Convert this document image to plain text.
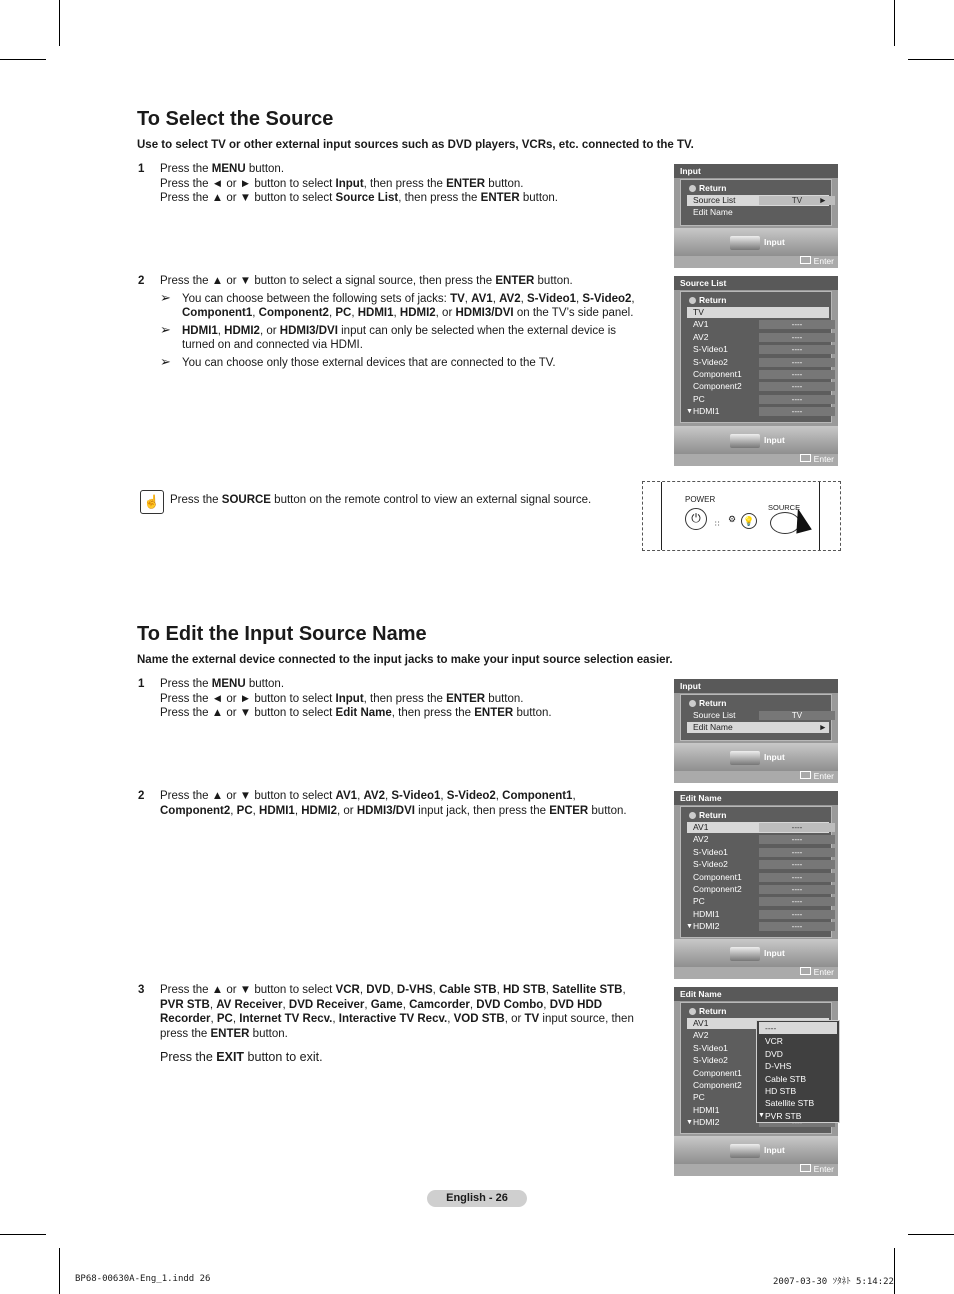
To Select the Source
Use to select TV or other external input sources such as DVD players, VCRs, etc. connected to the TV.
1 Press the MENU button.
Press the ◄ or ► button to select Input, then press the ENTER button.
Press the ▲ or ▼ button to select Source List, then press the ENTER button.
2 Press the ▲ or ▼ button to select a signal source, then press the ENTER button.
➢ You can choose between the following sets of jacks: TV, AV1, AV2, S-Video1, S-Video2, Component1, Component2, PC, HDMI1, HDMI2, or HDMI3/DVI on the TV’s side panel.
➢ HDMI1, HDMI2, or HDMI3/DVI input can only be selected when the external device is turned on and connected via HDMI.
➢ You can choose only those external devices that are connected to the TV.
☝ Press the SOURCE button on the remote control to view an external signal source.	POWER
⏻	∷
⚙ 💡
SOURCE
To Edit the Input Source Name
Name the external device connected to the input jacks to make your input source selection easier.
1 Press the MENU button.
Press the ◄ or ► button to select Input, then press the ENTER button.
Press the ▲ or ▼ button to select Edit Name, then press the ENTER button.
2 Press the ▲ or ▼ button to select AV1, AV2, S-Video1, S-Video2, Component1, Component2, PC, HDMI1, HDMI2, or HDMI3/DVI input jack, then press the ENTER button.
3 Press the ▲ or ▼ button to select VCR, DVD, D-VHS, Cable STB, HD STB, Satellite STB, PVR STB, AV Receiver, DVD Receiver, Game, Camcorder, DVD Combo, DVD HDD Recorder, PC, Internet TV Recv., Interactive TV Recv., VOD STB, or TV input source, then press the ENTER button.
Press the EXIT button to exit.
Input
Return
Source List	TV	►
Edit Name
Input
Enter
Source List
Return
TV
AV1	----
AV2	----
S-Video1	----
S-Video2	----
Component1	----
Component2	----
PC	----
▼ HDMI1	----
Input
Enter
Input
Return
Source List	TV
Edit Name	►
Input
Enter
Edit Name
Return
AV1	----
AV2	----
S-Video1	----
S-Video2	----
Component1	----
Component2	----
PC	----
HDMI1	----
▼ HDMI2	----
Input
Enter
Edit Name
Return
AV1
AV2
S-Video1
S-Video2
Component1
Component2
PC
HDMI1
▼ HDMI2
----
VCR
DVD
D-VHS
Cable STB
HD STB
Satellite STB
▼ PVR STB
Input
Enter
English - 26
BP68-00630A-Eng_1.indd 26	2007-03-30 ｿﾀﾈﾄ 5:14:22
